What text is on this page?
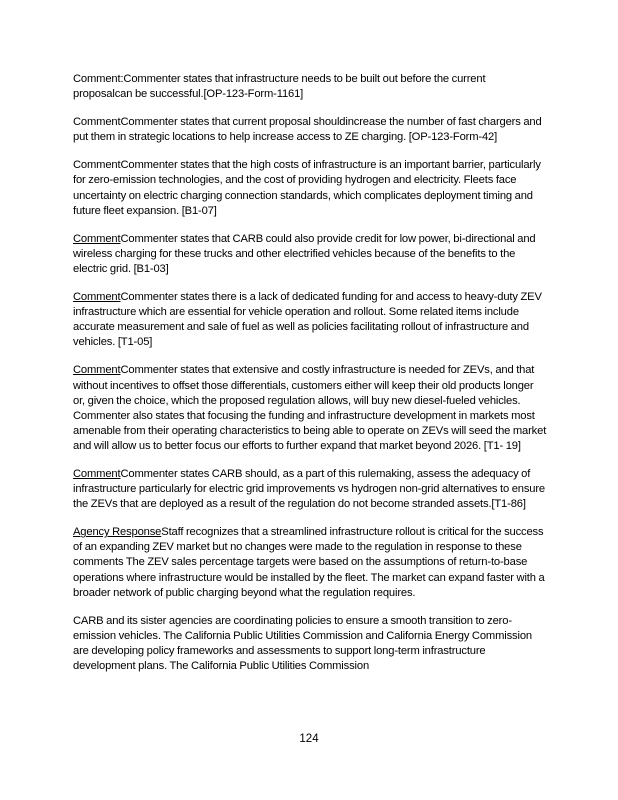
Comment:Commenter states that infrastructure needs to be built out before the current proposalcan be successful.[OP-123-Form-1161]

CommentCommenter states that current proposal shouldincrease the number of fast chargers and put them in strategic locations to help increase access to ZE charging. [OP-123-Form-42]

CommentCommenter states that the high costs of infrastructure is an important barrier, particularly for zero-emission technologies, and the cost of providing hydrogen and electricity. Fleets face uncertainty on electric charging connection standards, which complicates deployment timing and future fleet expansion. [B1-07]

CommentCommenter states that CARB could also provide credit for low power, bi-directional and wireless charging for these trucks and other electrified vehicles because of the benefits to the electric grid. [B1-03]

CommentCommenter states there is a lack of dedicated funding for and access to heavy-duty ZEV infrastructure which are essential for vehicle operation and rollout. Some related items include accurate measurement and sale of fuel as well as policies facilitating rollout of infrastructure and vehicles. [T1-05]

CommentCommenter states that extensive and costly infrastructure is needed for ZEVs, and that without incentives to offset those differentials, customers either will keep their old products longer or, given the choice, which the proposed regulation allows, will buy new diesel-fueled vehicles. Commenter also states that focusing the funding and infrastructure development in markets most amenable from their operating characteristics to being able to operate on ZEVs will seed the market and will allow us to better focus our efforts to further expand that market beyond 2026. [T1- 19]

CommentCommenter states CARB should, as a part of this rulemaking, assess the adequacy of infrastructure particularly for electric grid improvements vs hydrogen non-grid alternatives to ensure the ZEVs that are deployed as a result of the regulation do not become stranded assets.[T1-86]

Agency ResponseStaff recognizes that a streamlined infrastructure rollout is critical for the success of an expanding ZEV market but no changes were made to the regulation in response to these comments The ZEV sales percentage targets were based on the assumptions of return-to-base operations where infrastructure would be installed by the fleet. The market can expand faster with a broader network of public charging beyond what the regulation requires.

CARB and its sister agencies are coordinating policies to ensure a smooth transition to zero-emission vehicles. The California Public Utilities Commission and California Energy Commission are developing policy frameworks and assessments to support long-term infrastructure development plans. The California Public Utilities Commission

124
